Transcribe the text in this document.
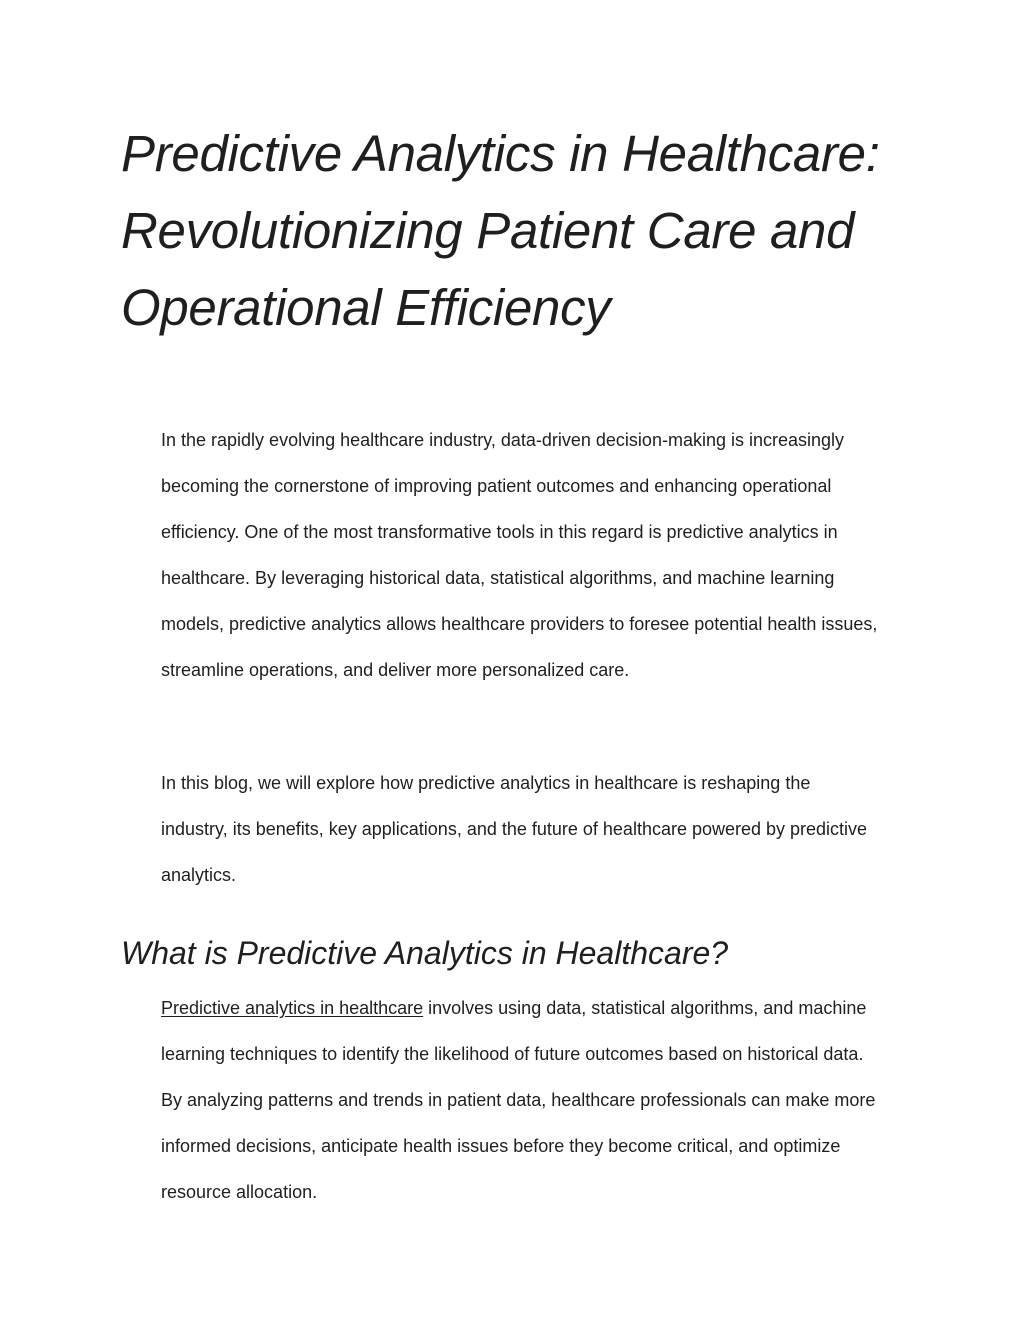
Predictive Analytics in Healthcare: Revolutionizing Patient Care and Operational Efficiency

In the rapidly evolving healthcare industry, data-driven decision-making is increasingly becoming the cornerstone of improving patient outcomes and enhancing operational efficiency. One of the most transformative tools in this regard is predictive analytics in healthcare. By leveraging historical data, statistical algorithms, and machine learning models, predictive analytics allows healthcare providers to foresee potential health issues, streamline operations, and deliver more personalized care.

In this blog, we will explore how predictive analytics in healthcare is reshaping the industry, its benefits, key applications, and the future of healthcare powered by predictive analytics.

What is Predictive Analytics in Healthcare?

Predictive analytics in healthcare involves using data, statistical algorithms, and machine learning techniques to identify the likelihood of future outcomes based on historical data. By analyzing patterns and trends in patient data, healthcare professionals can make more informed decisions, anticipate health issues before they become critical, and optimize resource allocation.
